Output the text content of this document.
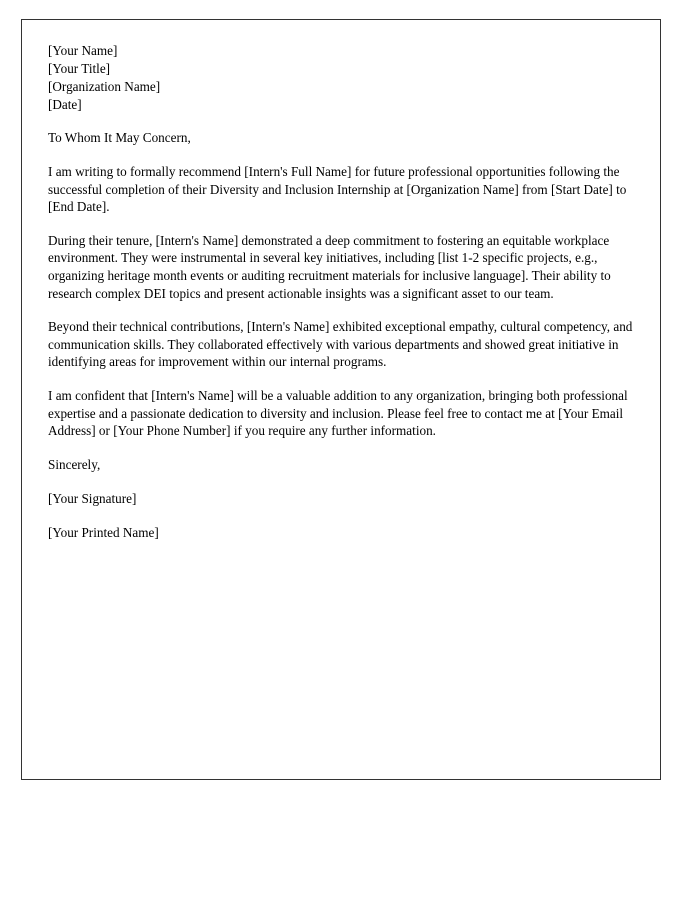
[Your Name]
[Your Title]
[Organization Name]
[Date]
To Whom It May Concern,

I am writing to formally recommend [Intern's Full Name] for future professional opportunities following the successful completion of their Diversity and Inclusion Internship at [Organization Name] from [Start Date] to [End Date].

During their tenure, [Intern's Name] demonstrated a deep commitment to fostering an equitable workplace environment. They were instrumental in several key initiatives, including [list 1-2 specific projects, e.g., organizing heritage month events or auditing recruitment materials for inclusive language]. Their ability to research complex DEI topics and present actionable insights was a significant asset to our team.

Beyond their technical contributions, [Intern's Name] exhibited exceptional empathy, cultural competency, and communication skills. They collaborated effectively with various departments and showed great initiative in identifying areas for improvement within our internal programs.

I am confident that [Intern's Name] will be a valuable addition to any organization, bringing both professional expertise and a passionate dedication to diversity and inclusion. Please feel free to contact me at [Your Email Address] or [Your Phone Number] if you require any further information.

Sincerely,
[Your Signature]
[Your Printed Name]
